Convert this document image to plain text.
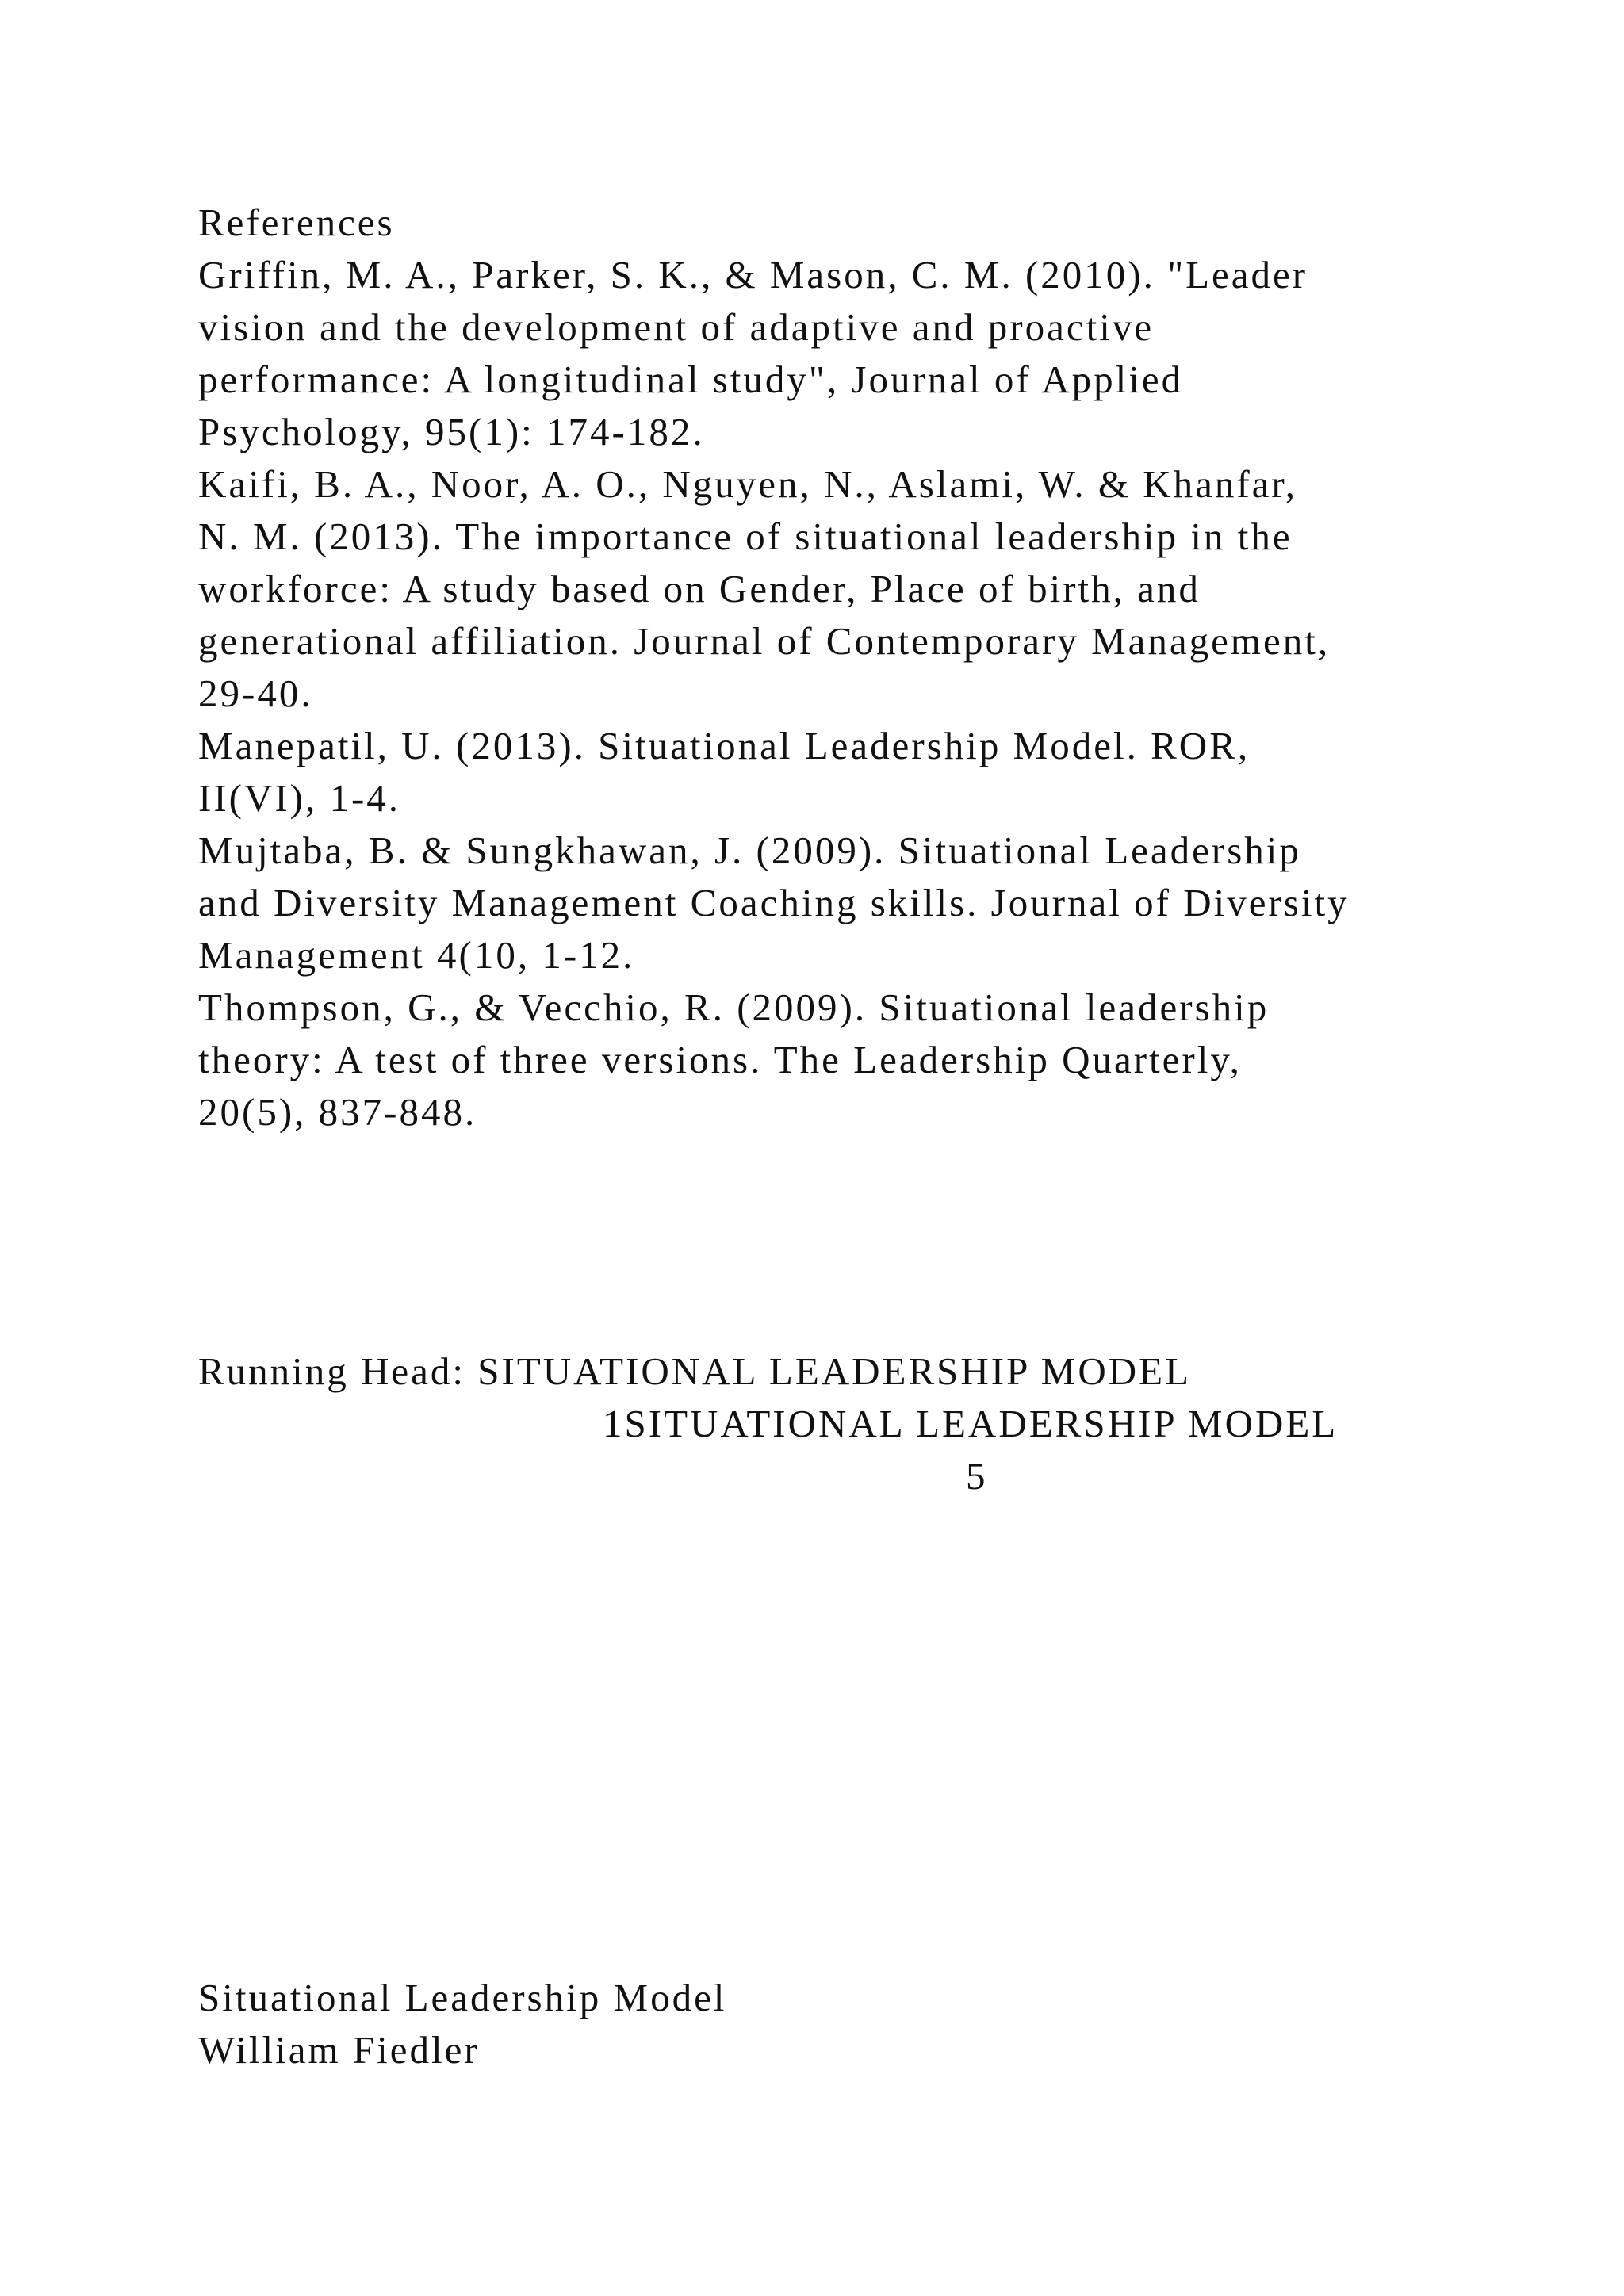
References
Griffin, M. A., Parker, S. K., & Mason, C. M. (2010). "Leader
vision and the development of adaptive and proactive
performance: A longitudinal study", Journal of Applied
Psychology, 95(1): 174-182.
Kaifi, B. A., Noor, A. O., Nguyen, N., Aslami, W. & Khanfar,
N. M. (2013). The importance of situational leadership in the
workforce: A study based on Gender, Place of birth, and
generational affiliation. Journal of Contemporary Management,
29-40.
Manepatil, U. (2013). Situational Leadership Model. ROR,
II(VI), 1-4.
Mujtaba, B. & Sungkhawan, J. (2009). Situational Leadership
and Diversity Management Coaching skills. Journal of Diversity
Management 4(10, 1-12.
Thompson, G., & Vecchio, R. (2009). Situational leadership
theory: A test of three versions. The Leadership Quarterly,
20(5), 837-848.
Running Head: SITUATIONAL LEADERSHIP MODEL
1SITUATIONAL LEADERSHIP MODEL
5
Situational Leadership Model
William Fiedler
